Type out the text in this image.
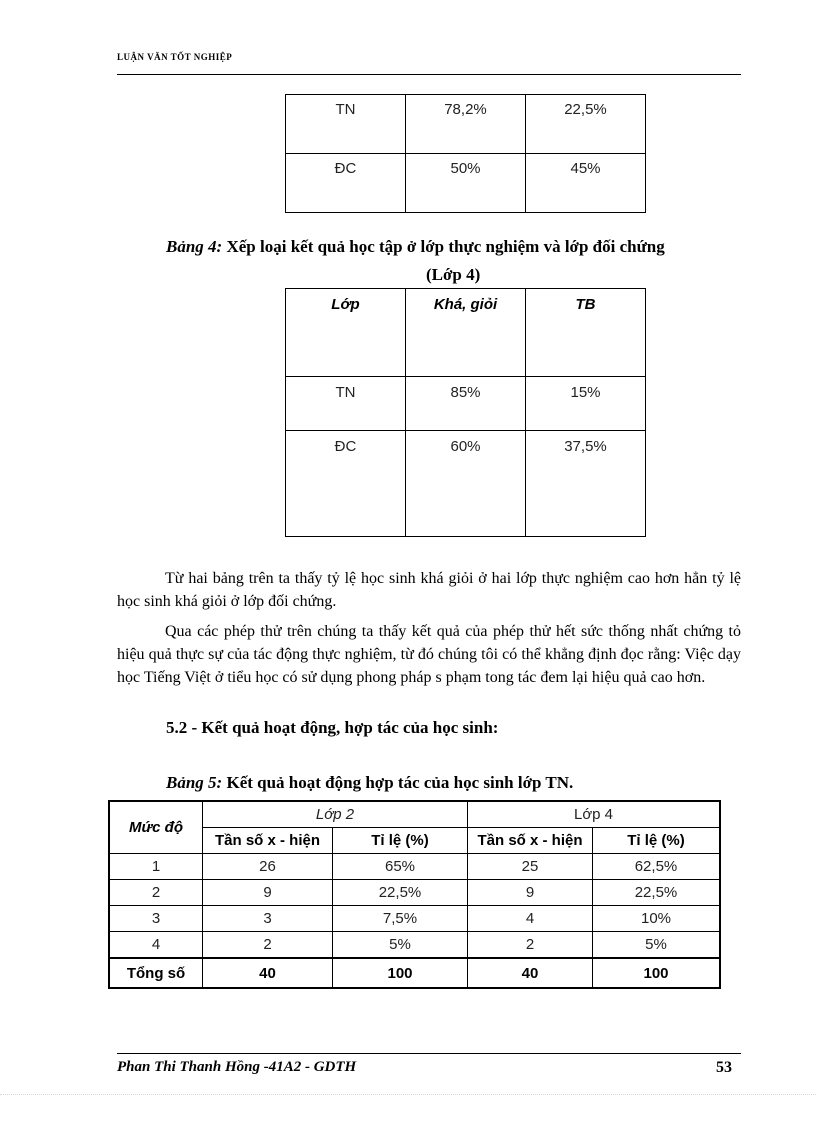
LUẬN VĂN TỐT NGHIỆP
TN	78,2%	22,5%
ĐC	50%	45%
Bảng 4: Xếp loại kết quả học tập ở lớp thực nghiệm và lớp đối chứng
(Lớp 4)
Lớp	Khá, giỏi	TB
TN	85%	15%
ĐC	60%	37,5%
Từ hai bảng trên ta thấy tỷ lệ học sinh khá giỏi ở hai lớp thực nghiệm cao hơn hẳn tỷ lệ học sinh khá giỏi ở lớp đối chứng.
Qua các phép thử trên chúng ta thấy kết quả của phép thử hết sức thống nhất chứng tỏ hiệu quả thực sự của tác động thực nghiệm, từ đó chúng tôi có thể khẳng định đọc rằng: Việc dạy học Tiếng Việt ở tiểu học có sử dụng phong pháp s phạm tong tác đem lại hiệu quả cao hơn.
5.2 - Kết quả hoạt động, hợp tác của học sinh:
Bảng 5: Kết quả hoạt động hợp tác của học sinh lớp TN.
Mức độ	Lớp 2		Lớp 4	
	Tần số x - hiện	Tỉ lệ (%)	Tần số x - hiện	Tỉ lệ (%)
1	26	65%	25	62,5%
2	9	22,5%	9	22,5%
3	3	7,5%	4	10%
4	2	5%	2	5%
Tổng số	40	100	40	100
Phan Thi Thanh Hồng -41A2 - GDTH	53
